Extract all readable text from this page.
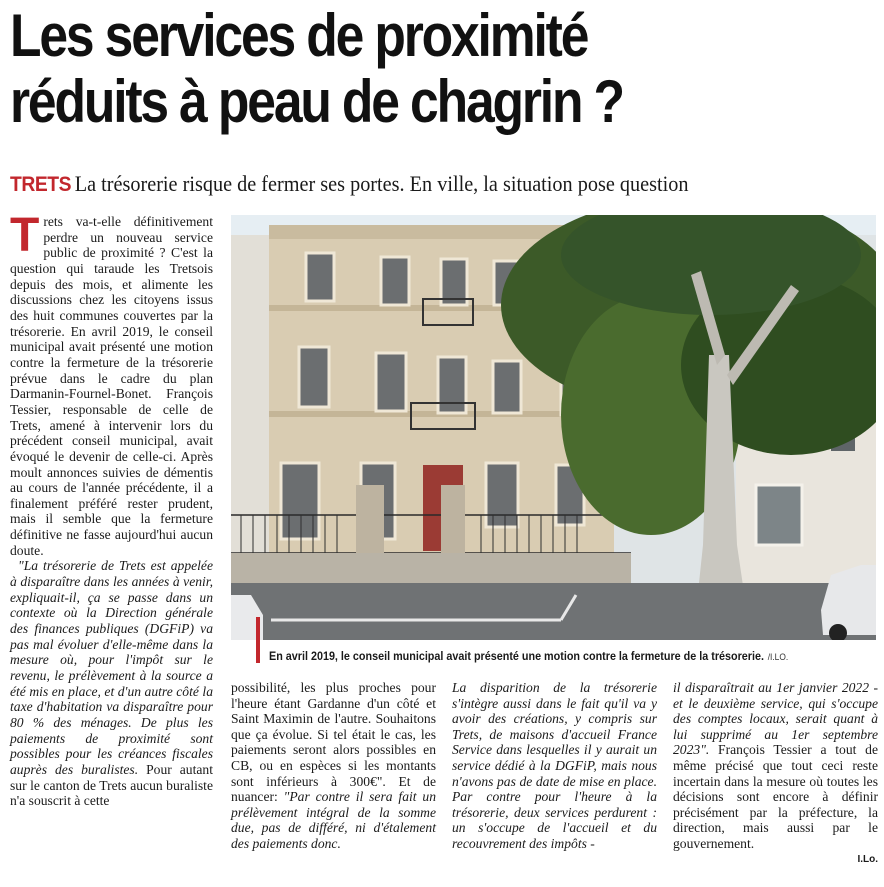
Les services de proximité
réduits à peau de chagrin ?
TRETS La trésorerie risque de fermer ses portes. En ville, la situation pose question

Trets va-t-elle définitivement perdre un nouveau service public de proximité ? C'est la question qui taraude les Tretsois depuis des mois, et alimente les discussions chez les citoyens issus des huit communes couvertes par la trésorerie. En avril 2019, le conseil municipal avait présenté une motion contre la fermeture de la trésorerie prévue dans le cadre du plan Darmanin-Fournel-Bonet. François Tessier, responsable de celle de Trets, amené à intervenir lors du précédent conseil municipal, avait évoqué le devenir de celle-ci. Après moult annonces suivies de démentis au cours de l'année précédente, il a finalement préféré rester prudent, mais il semble que la fermeture définitive ne fasse aujourd'hui aucun doute.

"La trésorerie de Trets est appelée à disparaître dans les années à venir, expliquait-il, ça se passe dans un contexte où la Direction générale des finances publiques (DGFiP) va pas mal évoluer d'elle-même dans la mesure où, pour l'impôt sur le revenu, le prélèvement à la source a été mis en place, et d'un autre côté la taxe d'habitation va disparaître pour 80 % des ménages. De plus les paiements de proximité sont possibles pour les créances fiscales auprès des buralistes. Pour autant sur le canton de Trets aucun buraliste n'a souscrit à cette

En avril 2019, le conseil municipal avait présenté une motion contre la fermeture de la trésorerie. /I.LO.

possibilité, les plus proches pour l'heure étant Gardanne d'un côté et Saint Maximin de l'autre. Souhaitons que ça évolue. Si tel était le cas, les paiements seront alors possibles en CB, ou en espèces si les montants sont inférieurs à 300€". Et de nuancer: "Par contre il sera fait un prélèvement intégral de la somme due, pas de différé, ni d'étalement des paiements donc.

La disparition de la trésorerie s'intègre aussi dans le fait qu'il va y avoir des créations, y compris sur Trets, de maisons d'accueil France Service dans lesquelles il y aurait un service dédié à la DGFiP, mais nous n'avons pas de date de mise en place. Par contre pour l'heure à la trésorerie, deux services perdurent : un s'occupe de l'accueil et du recouvrement des impôts -

il disparaîtrait au 1er janvier 2022 - et le deuxième service, qui s'occupe des comptes locaux, serait quant à lui supprimé au 1er septembre 2023". François Tessier a tout de même précisé que tout ceci reste incertain dans la mesure où toutes les décisions sont encore à définir précisément par la préfecture, la direction, mais aussi par le gouvernement.

I.Lo.
